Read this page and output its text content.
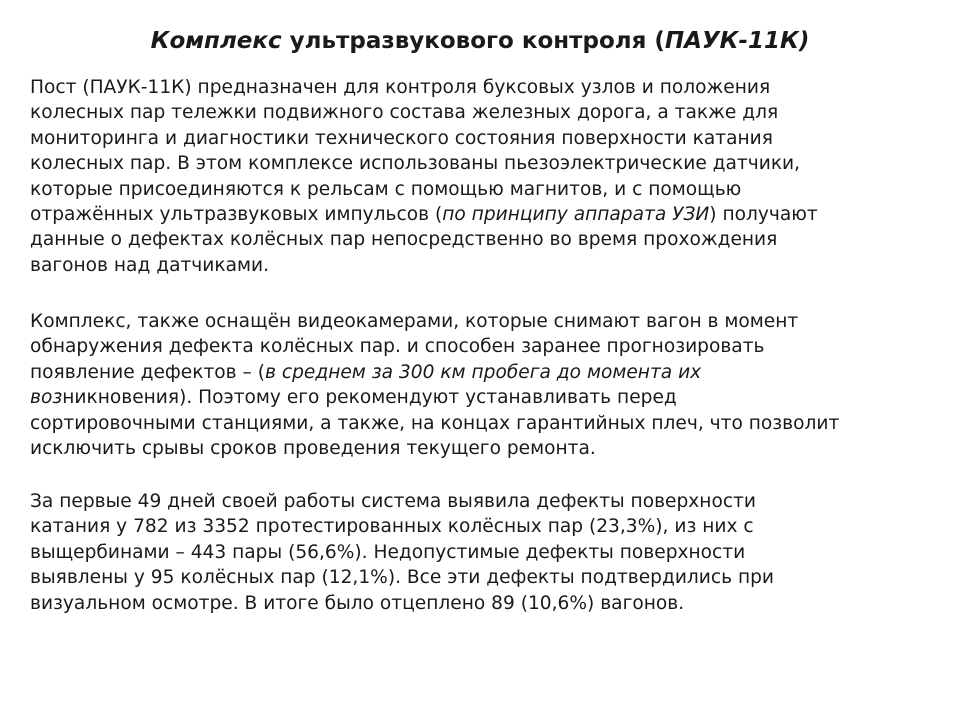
Комплекс ультразвукового контроля (ПАУК-11К)

Пост (ПАУК-11К) предназначен для контроля буксовых узлов и положения
колесных пар тележки подвижного состава железных дорога, а также для
мониторинга и диагностики технического состояния поверхности катания
колесных пар. В этом комплексе использованы пьезоэлектрические датчики,
которые присоединяются к рельсам с помощью магнитов, и с помощью
отражённых ультразвуковых импульсов (по принципу аппарата УЗИ) получают
данные о дефектах колёсных пар непосредственно во время прохождения
вагонов над датчиками.

Комплекс, также оснащён видеокамерами, которые снимают вагон в момент
обнаружения дефекта колёсных пар. и способен заранее прогнозировать
появление дефектов – (в среднем за 300 км пробега до момента их
возникновения). Поэтому его рекомендуют устанавливать перед
сортировочными станциями, а также, на концах гарантийных плеч, что позволит
исключить срывы сроков проведения текущего ремонта.

За первые 49 дней своей работы система выявила дефекты поверхности
катания у 782 из 3352 протестированных колёсных пар (23,3%), из них с
выщербинами – 443 пары (56,6%). Недопустимые дефекты поверхности
выявлены у 95 колёсных пар (12,1%). Все эти дефекты подтвердились при
визуальном осмотре. В итоге было отцеплено 89 (10,6%) вагонов.
